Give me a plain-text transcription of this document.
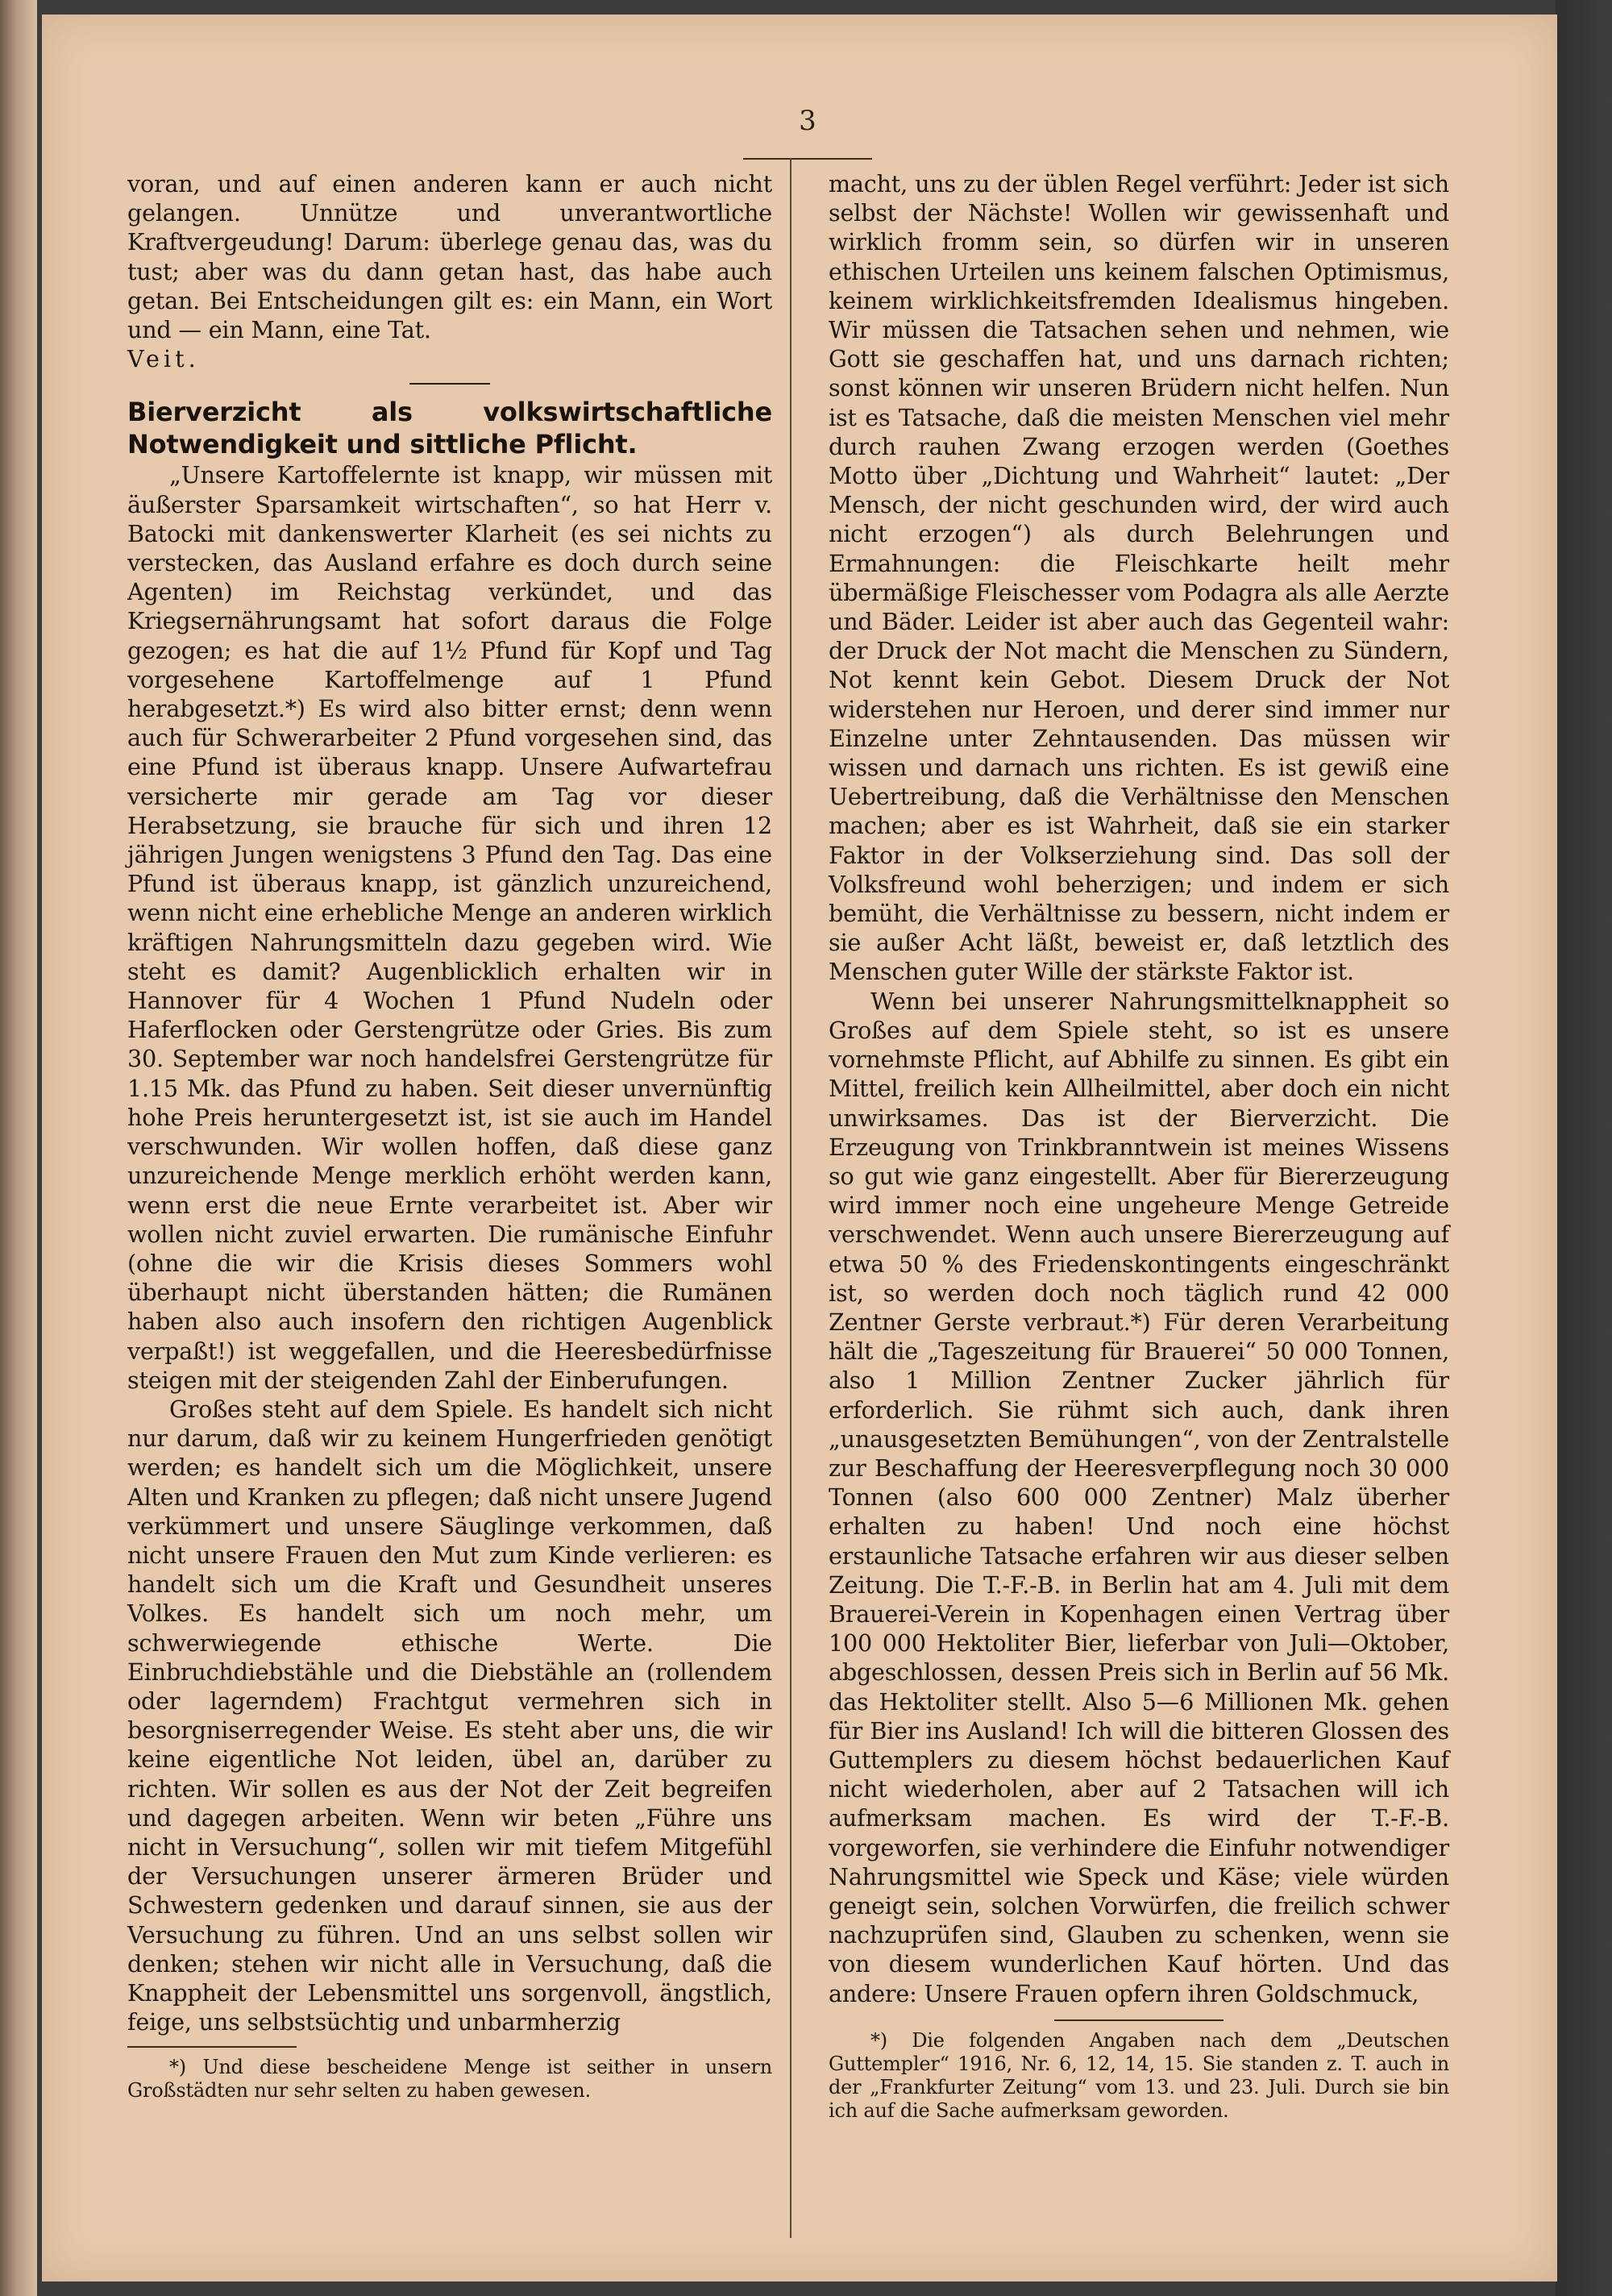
3

voran, und auf einen anderen kann er auch nicht gelangen. Unnütze und unverantwortliche Kraftvergeudung! Darum: überlege genau das, was du tust; aber was du dann getan hast, das habe auch getan. Bei Entscheidungen gilt es: ein Mann, ein Wort und — ein Mann, eine Tat.

Veit.

Bierverzicht als volkswirtschaftliche Notwendigkeit und sittliche Pflicht.

„Unsere Kartoffelernte ist knapp, wir müssen mit äußerster Sparsamkeit wirtschaften“, so hat Herr v. Batocki mit dankenswerter Klarheit (es sei nichts zu verstecken, das Ausland erfahre es doch durch seine Agenten) im Reichstag verkündet, und das Kriegsernährungsamt hat sofort daraus die Folge gezogen; es hat die auf 1½ Pfund für Kopf und Tag vorgesehene Kartoffelmenge auf 1 Pfund herabgesetzt.*) Es wird also bitter ernst; denn wenn auch für Schwerarbeiter 2 Pfund vorgesehen sind, das eine Pfund ist überaus knapp. Unsere Aufwartefrau versicherte mir gerade am Tag vor dieser Herabsetzung, sie brauche für sich und ihren 12 jährigen Jungen wenigstens 3 Pfund den Tag. Das eine Pfund ist überaus knapp, ist gänzlich unzureichend, wenn nicht eine erhebliche Menge an anderen wirklich kräftigen Nahrungsmitteln dazu gegeben wird. Wie steht es damit? Augenblicklich erhalten wir in Hannover für 4 Wochen 1 Pfund Nudeln oder Haferflocken oder Gerstengrütze oder Gries. Bis zum 30. September war noch handelsfrei Gerstengrütze für 1.15 Mk. das Pfund zu haben. Seit dieser unvernünftig hohe Preis heruntergesetzt ist, ist sie auch im Handel verschwunden. Wir wollen hoffen, daß diese ganz unzureichende Menge merklich erhöht werden kann, wenn erst die neue Ernte verarbeitet ist. Aber wir wollen nicht zuviel erwarten. Die rumänische Einfuhr (ohne die wir die Krisis dieses Sommers wohl überhaupt nicht überstanden hätten; die Rumänen haben also auch insofern den richtigen Augenblick verpaßt!) ist weggefallen, und die Heeresbedürfnisse steigen mit der steigenden Zahl der Einberufungen.

Großes steht auf dem Spiele. Es handelt sich nicht nur darum, daß wir zu keinem Hungerfrieden genötigt werden; es handelt sich um die Möglichkeit, unsere Alten und Kranken zu pflegen; daß nicht unsere Jugend verkümmert und unsere Säuglinge verkommen, daß nicht unsere Frauen den Mut zum Kinde verlieren: es handelt sich um die Kraft und Gesundheit unseres Volkes. Es handelt sich um noch mehr, um schwerwiegende ethische Werte. Die Einbruchdiebstähle und die Diebstähle an (rollendem oder lagerndem) Frachtgut vermehren sich in besorgniserregender Weise. Es steht aber uns, die wir keine eigentliche Not leiden, übel an, darüber zu richten. Wir sollen es aus der Not der Zeit begreifen und dagegen arbeiten. Wenn wir beten „Führe uns nicht in Versuchung“, sollen wir mit tiefem Mitgefühl der Versuchungen unserer ärmeren Brüder und Schwestern gedenken und darauf sinnen, sie aus der Versuchung zu führen. Und an uns selbst sollen wir denken; stehen wir nicht alle in Versuchung, daß die Knappheit der Lebensmittel uns sorgenvoll, ängstlich, feige, uns selbstsüchtig und unbarmherzig

*) Und diese bescheidene Menge ist seither in unsern Großstädten nur sehr selten zu haben gewesen.

macht, uns zu der üblen Regel verführt: Jeder ist sich selbst der Nächste! Wollen wir gewissenhaft und wirklich fromm sein, so dürfen wir in unseren ethischen Urteilen uns keinem falschen Optimismus, keinem wirklichkeitsfremden Idealismus hingeben. Wir müssen die Tatsachen sehen und nehmen, wie Gott sie geschaffen hat, und uns darnach richten; sonst können wir unseren Brüdern nicht helfen. Nun ist es Tatsache, daß die meisten Menschen viel mehr durch rauhen Zwang erzogen werden (Goethes Motto über „Dichtung und Wahrheit“ lautet: „Der Mensch, der nicht geschunden wird, der wird auch nicht erzogen“) als durch Belehrungen und Ermahnungen: die Fleischkarte heilt mehr übermäßige Fleischesser vom Podagra als alle Aerzte und Bäder. Leider ist aber auch das Gegenteil wahr: der Druck der Not macht die Menschen zu Sündern, Not kennt kein Gebot. Diesem Druck der Not widerstehen nur Heroen, und derer sind immer nur Einzelne unter Zehntausenden. Das müssen wir wissen und darnach uns richten. Es ist gewiß eine Uebertreibung, daß die Verhältnisse den Menschen machen; aber es ist Wahrheit, daß sie ein starker Faktor in der Volkserziehung sind. Das soll der Volksfreund wohl beherzigen; und indem er sich bemüht, die Verhältnisse zu bessern, nicht indem er sie außer Acht läßt, beweist er, daß letztlich des Menschen guter Wille der stärkste Faktor ist.

Wenn bei unserer Nahrungsmittelknappheit so Großes auf dem Spiele steht, so ist es unsere vornehmste Pflicht, auf Abhilfe zu sinnen. Es gibt ein Mittel, freilich kein Allheilmittel, aber doch ein nicht unwirksames. Das ist der Bierverzicht. Die Erzeugung von Trinkbranntwein ist meines Wissens so gut wie ganz eingestellt. Aber für Biererzeugung wird immer noch eine ungeheure Menge Getreide verschwendet. Wenn auch unsere Biererzeugung auf etwa 50 % des Friedenskontingents eingeschränkt ist, so werden doch noch täglich rund 42 000 Zentner Gerste verbraut.*) Für deren Verarbeitung hält die „Tageszeitung für Brauerei“ 50 000 Tonnen, also 1 Million Zentner Zucker jährlich für erforderlich. Sie rühmt sich auch, dank ihren „unausgesetzten Bemühungen“, von der Zentralstelle zur Beschaffung der Heeresverpflegung noch 30 000 Tonnen (also 600 000 Zentner) Malz überher erhalten zu haben! Und noch eine höchst erstaunliche Tatsache erfahren wir aus dieser selben Zeitung. Die T.-F.-B. in Berlin hat am 4. Juli mit dem Brauerei-Verein in Kopenhagen einen Vertrag über 100 000 Hektoliter Bier, lieferbar von Juli—Oktober, abgeschlossen, dessen Preis sich in Berlin auf 56 Mk. das Hektoliter stellt. Also 5—6 Millionen Mk. gehen für Bier ins Ausland! Ich will die bitteren Glossen des Guttemplers zu diesem höchst bedauerlichen Kauf nicht wiederholen, aber auf 2 Tatsachen will ich aufmerksam machen. Es wird der T.-F.-B. vorgeworfen, sie verhindere die Einfuhr notwendiger Nahrungsmittel wie Speck und Käse; viele würden geneigt sein, solchen Vorwürfen, die freilich schwer nachzuprüfen sind, Glauben zu schenken, wenn sie von diesem wunderlichen Kauf hörten. Und das andere: Unsere Frauen opfern ihren Goldschmuck,

*) Die folgenden Angaben nach dem „Deutschen Guttempler“ 1916, Nr. 6, 12, 14, 15. Sie standen z. T. auch in der „Frankfurter Zeitung“ vom 13. und 23. Juli. Durch sie bin ich auf die Sache aufmerksam geworden.
